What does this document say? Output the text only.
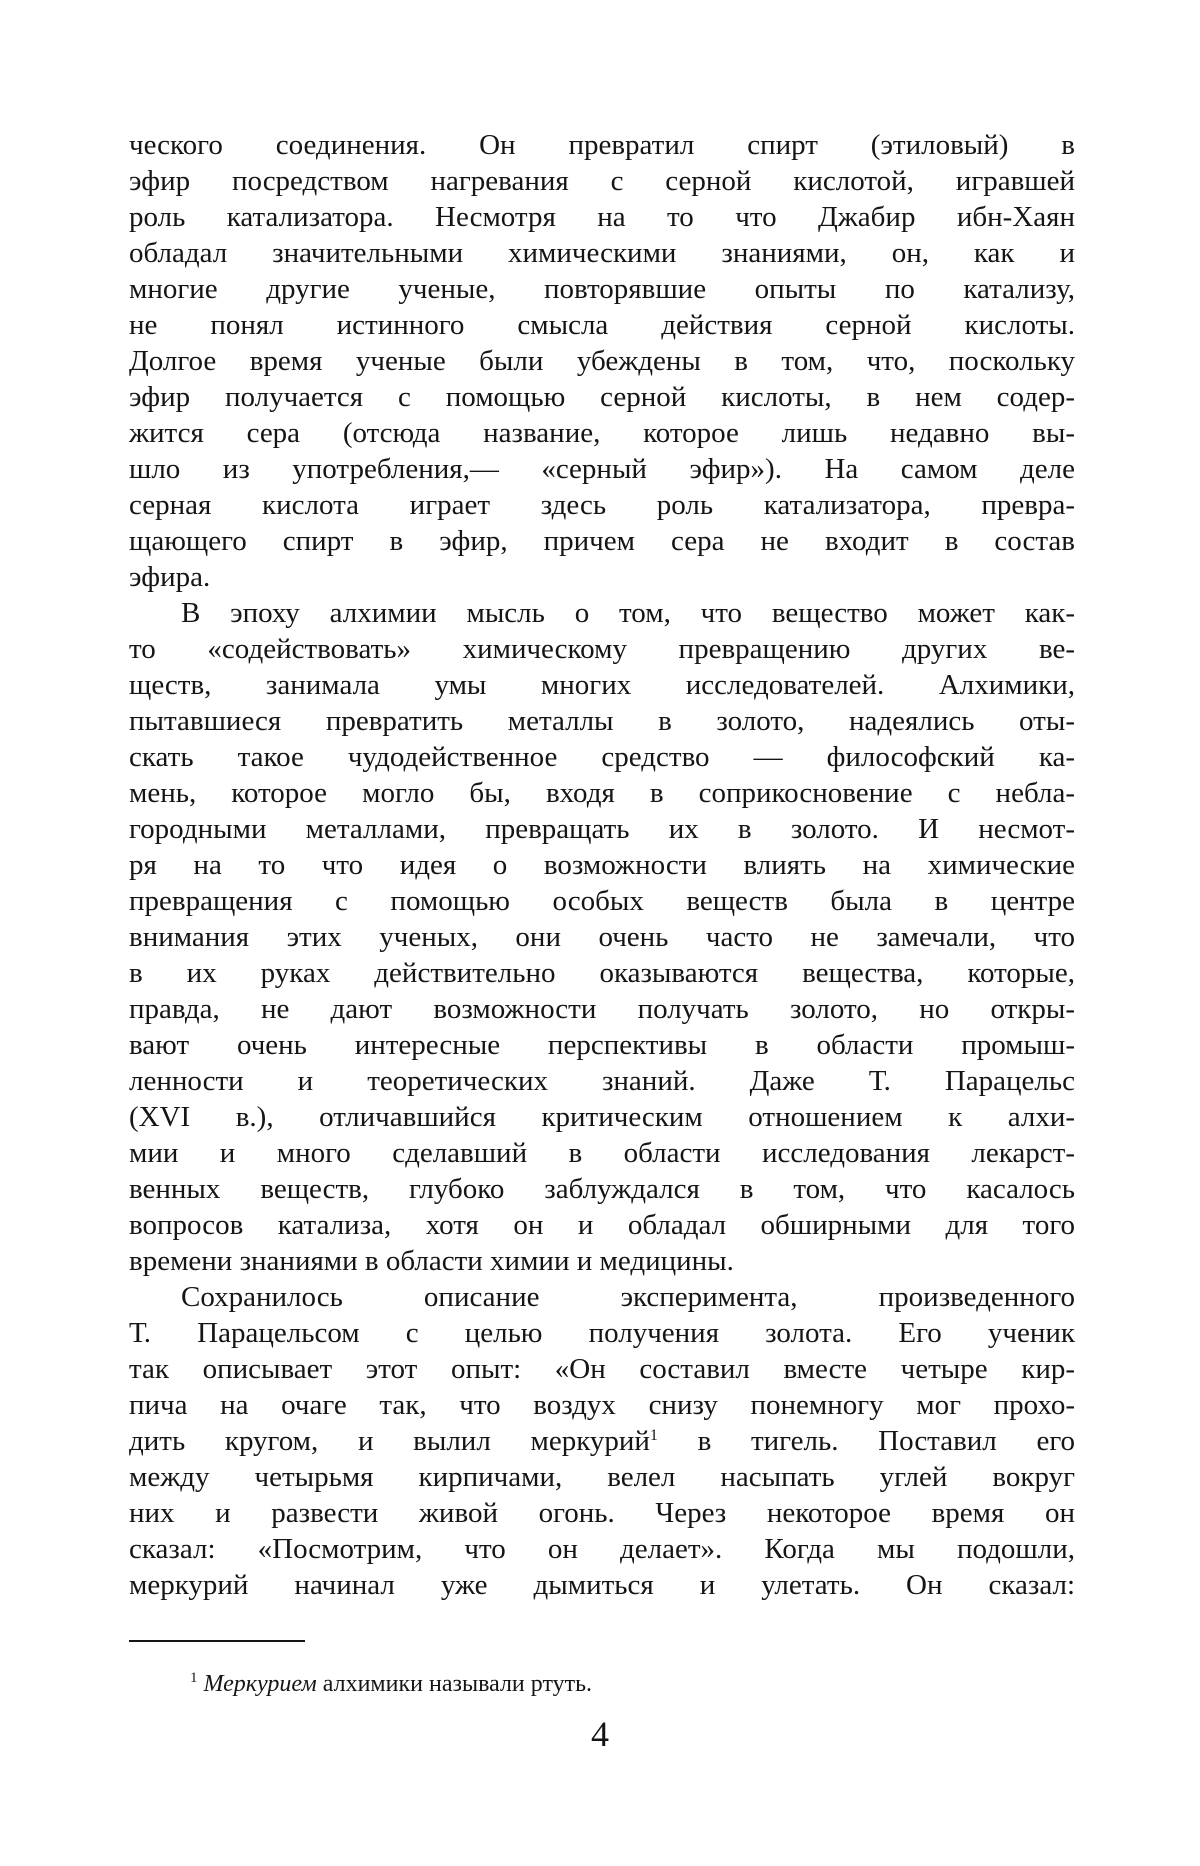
ческого соединения. Он превратил спирт (этиловый) в
эфир посредством нагревания с серной кислотой, игравшей
роль катализатора. Несмотря на то что Джабир ибн-Хаян
обладал значительными химическими знаниями, он, как и
многие другие ученые, повторявшие опыты по катализу,
не понял истинного смысла действия серной кислоты.
Долгое время ученые были убеждены в том, что, поскольку
эфир получается с помощью серной кислоты, в нем содер-
жится сера (отсюда название, которое лишь недавно вы-
шло из употребления,— «серный эфир»). На самом деле
серная кислота играет здесь роль катализатора, превра-
щающего спирт в эфир, причем сера не входит в состав
эфира.
В эпоху алхимии мысль о том, что вещество может как-
то «содействовать» химическому превращению других ве-
ществ, занимала умы многих исследователей. Алхимики,
пытавшиеся превратить металлы в золото, надеялись оты-
скать такое чудодейственное средство — философский ка-
мень, которое могло бы, входя в соприкосновение с небла-
городными металлами, превращать их в золото. И несмот-
ря на то что идея о возможности влиять на химические
превращения с помощью особых веществ была в центре
внимания этих ученых, они очень часто не замечали, что
в их руках действительно оказываются вещества, которые,
правда, не дают возможности получать золото, но откры-
вают очень интересные перспективы в области промыш-
ленности и теоретических знаний. Даже Т. Парацельс
(XVI в.), отличавшийся критическим отношением к алхи-
мии и много сделавший в области исследования лекарст-
венных веществ, глубоко заблуждался в том, что касалось
вопросов катализа, хотя он и обладал обширными для того
времени знаниями в области химии и медицины.
Сохранилось описание эксперимента, произведенного
Т. Парацельсом с целью получения золота. Его ученик
так описывает этот опыт: «Он составил вместе четыре кир-
пича на очаге так, что воздух снизу понемногу мог прохо-
дить кругом, и вылил меркурий1 в тигель. Поставил его
между четырьмя кирпичами, велел насыпать углей вокруг
них и развести живой огонь. Через некоторое время он
сказал: «Посмотрим, что он делает». Когда мы подошли,
меркурий начинал уже дымиться и улетать. Он сказал:
1 Меркурием алхимики называли ртуть.
4
